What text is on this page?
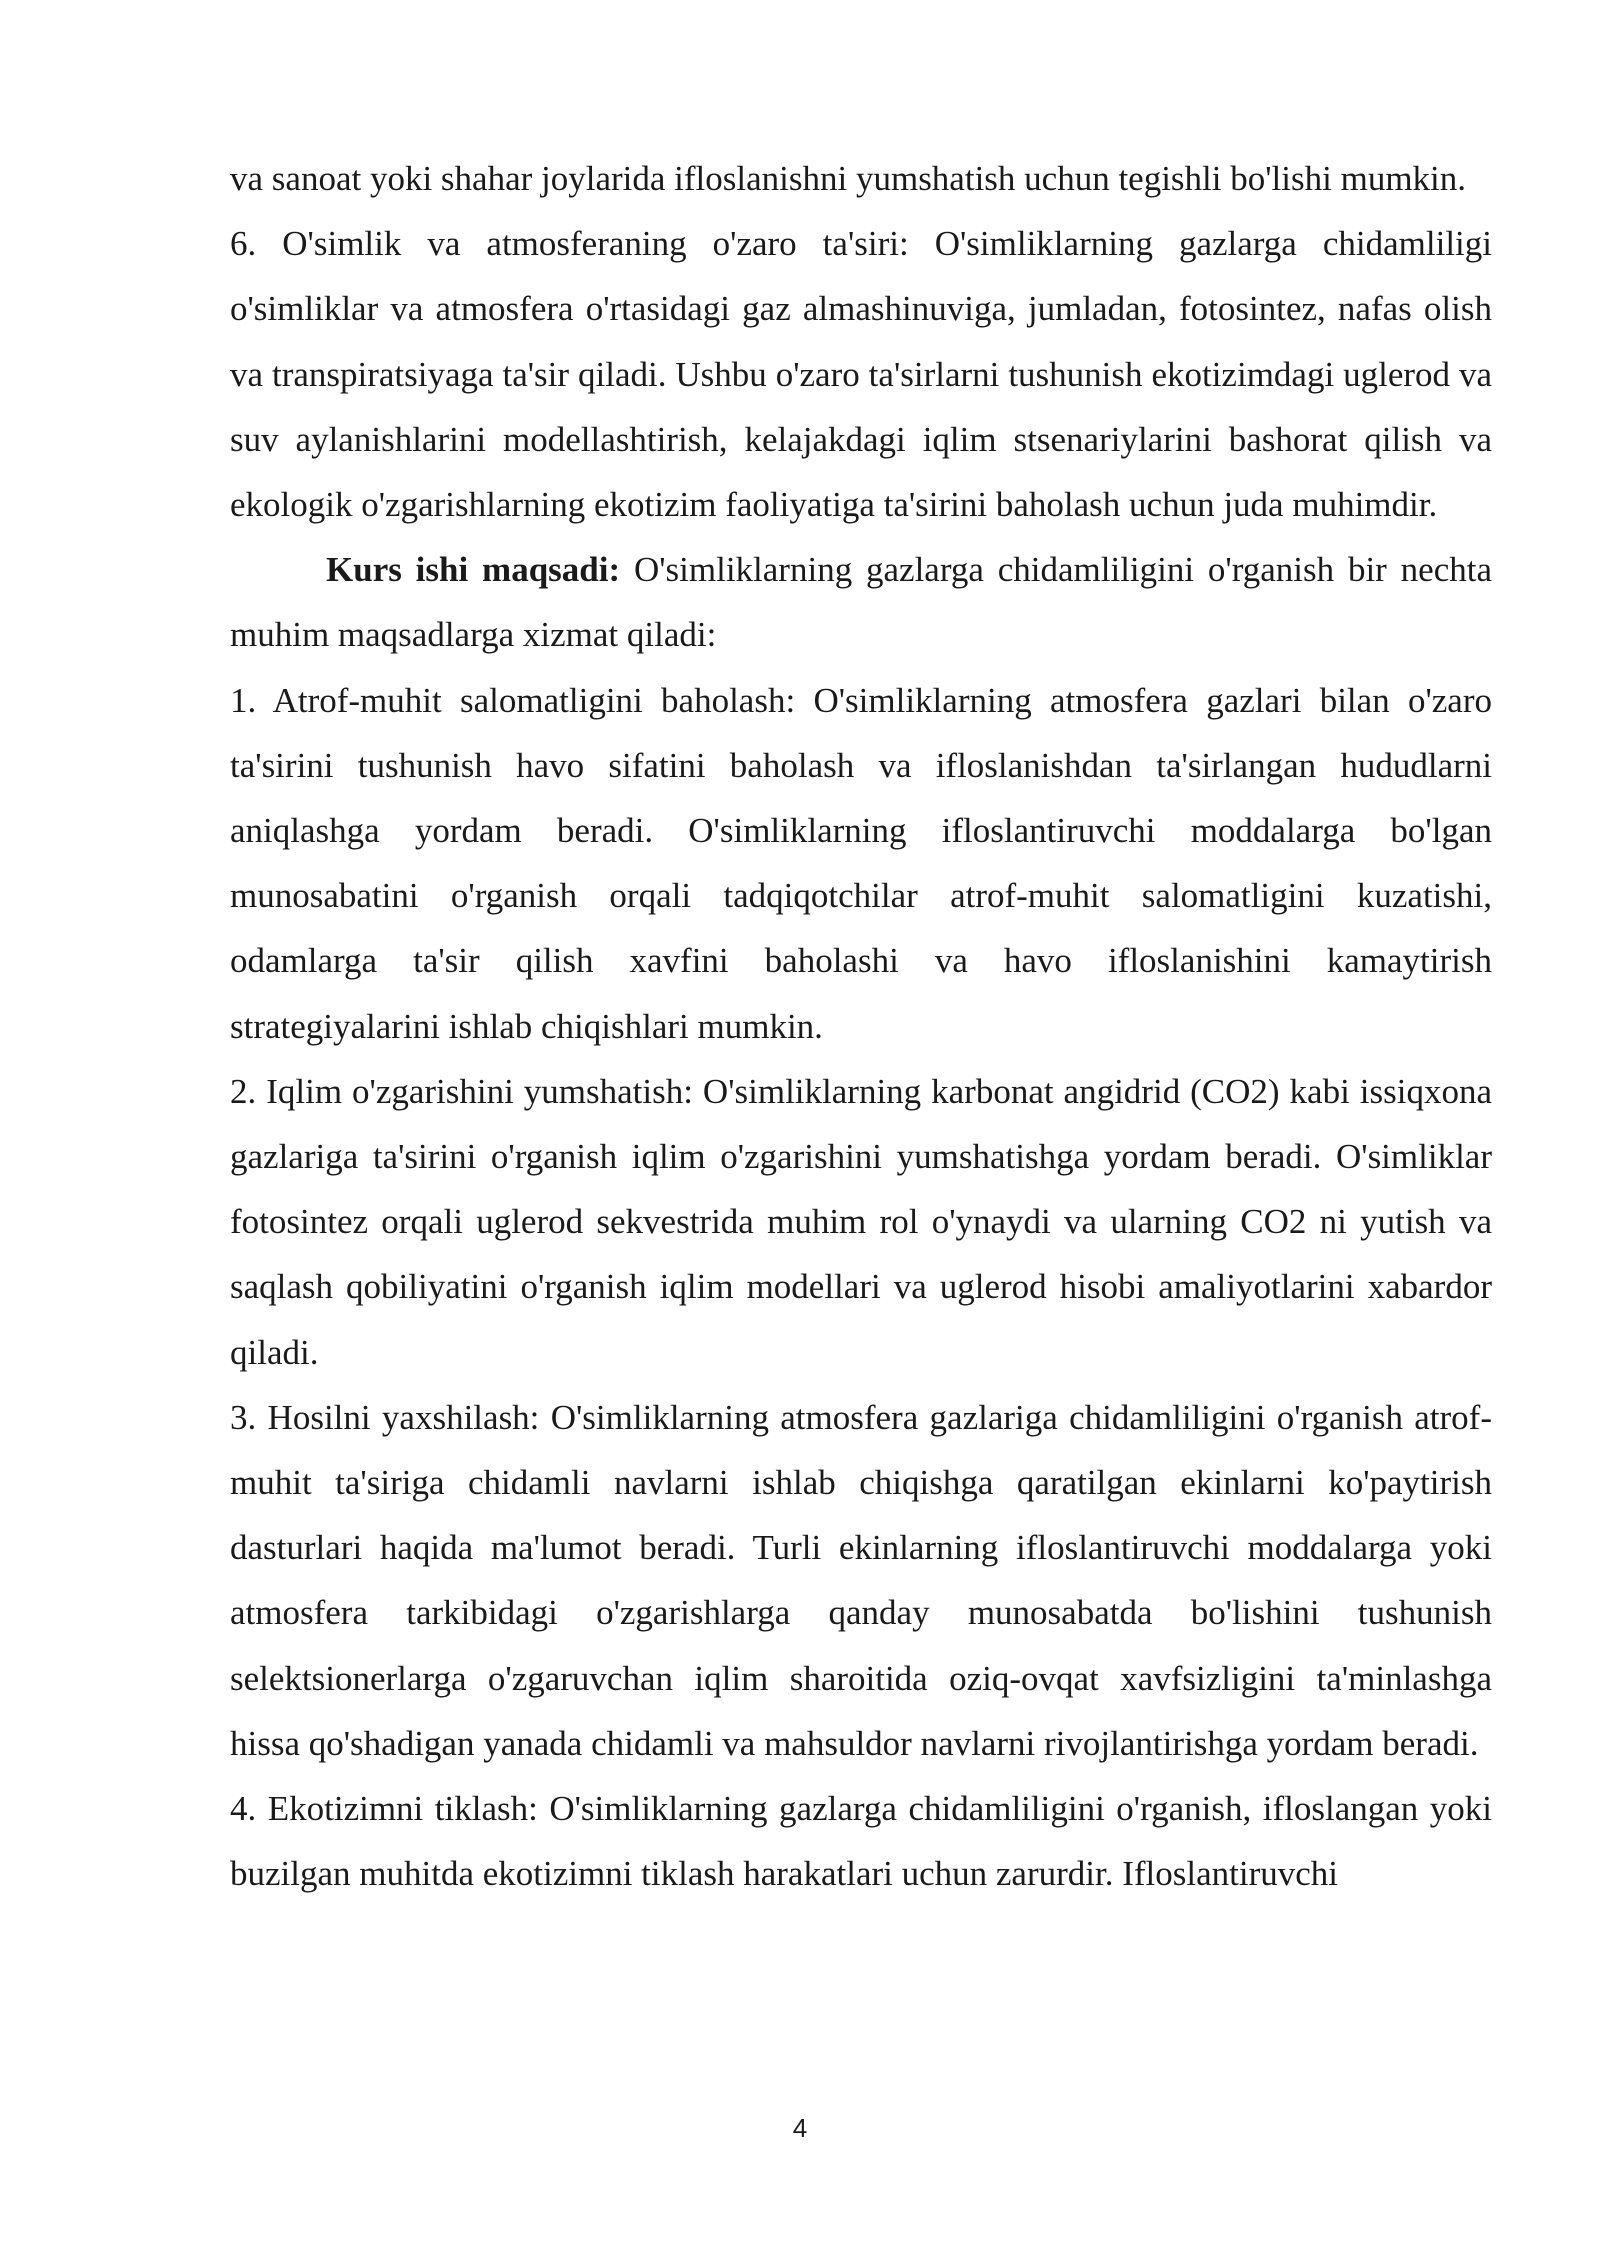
va sanoat yoki shahar joylarida ifloslanishni yumshatish uchun tegishli bo'lishi mumkin.

6. O'simlik va atmosferaning o'zaro ta'siri: O'simliklarning gazlarga chidamliligi o'simliklar va atmosfera o'rtasidagi gaz almashinuviga, jumladan, fotosintez, nafas olish va transpiratsiyaga ta'sir qiladi. Ushbu o'zaro ta'sirlarni tushunish ekotizimdagi uglerod va suv aylanishlarini modellashtirish, kelajakdagi iqlim stsenariylarini bashorat qilish va ekologik o'zgarishlarning ekotizim faoliyatiga ta'sirini baholash uchun juda muhimdir.

Kurs ishi maqsadi: O'simliklarning gazlarga chidamliligini o'rganish bir nechta muhim maqsadlarga xizmat qiladi:

1. Atrof-muhit salomatligini baholash: O'simliklarning atmosfera gazlari bilan o'zaro ta'sirini tushunish havo sifatini baholash va ifloslanishdan ta'sirlangan hududlarni aniqlashga yordam beradi. O'simliklarning ifloslantiruvchi moddalarga bo'lgan munosabatini o'rganish orqali tadqiqotchilar atrof-muhit salomatligini kuzatishi, odamlarga ta'sir qilish xavfini baholashi va havo ifloslanishini kamaytirish strategiyalarini ishlab chiqishlari mumkin.

2. Iqlim o'zgarishini yumshatish: O'simliklarning karbonat angidrid (CO2) kabi issiqxona gazlariga ta'sirini o'rganish iqlim o'zgarishini yumshatishga yordam beradi. O'simliklar fotosintez orqali uglerod sekvestrida muhim rol o'ynaydi va ularning CO2 ni yutish va saqlash qobiliyatini o'rganish iqlim modellari va uglerod hisobi amaliyotlarini xabardor qiladi.

3. Hosilni yaxshilash: O'simliklarning atmosfera gazlariga chidamliligini o'rganish atrof-muhit ta'siriga chidamli navlarni ishlab chiqishga qaratilgan ekinlarni ko'paytirish dasturlari haqida ma'lumot beradi. Turli ekinlarning ifloslantiruvchi moddalarga yoki atmosfera tarkibidagi o'zgarishlarga qanday munosabatda bo'lishini tushunish selektsionerlarga o'zgaruvchan iqlim sharoitida oziq-ovqat xavfsizligini ta'minlashga hissa qo'shadigan yanada chidamli va mahsuldor navlarni rivojlantirishga yordam beradi.

4. Ekotizimni tiklash: O'simliklarning gazlarga chidamliligini o'rganish, ifloslangan yoki buzilgan muhitda ekotizimni tiklash harakatlari uchun zarurdir. Ifloslantiruvchi

4
